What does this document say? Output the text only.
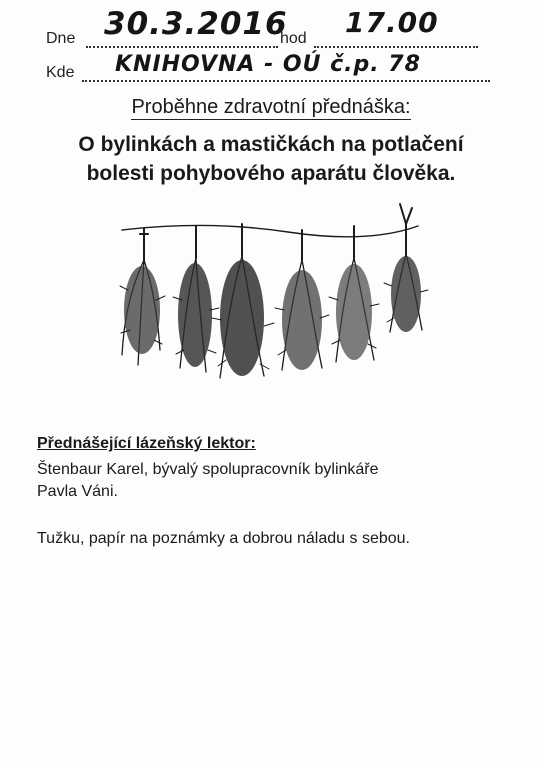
Dne 30.3.2016
hod 17.00
Kde KNIHOVNA - OÚ č.p. 78
Proběhne zdravotní přednáška:
O bylinkách a mastičkách na potlačení
bolesti pohybového aparátu člověka.
Přednášející lázeňský lektor:
Štenbaur Karel, bývalý spolupracovník bylinkáře
Pavla Váni.
Tužku, papír na poznámky a dobrou náladu s sebou.
